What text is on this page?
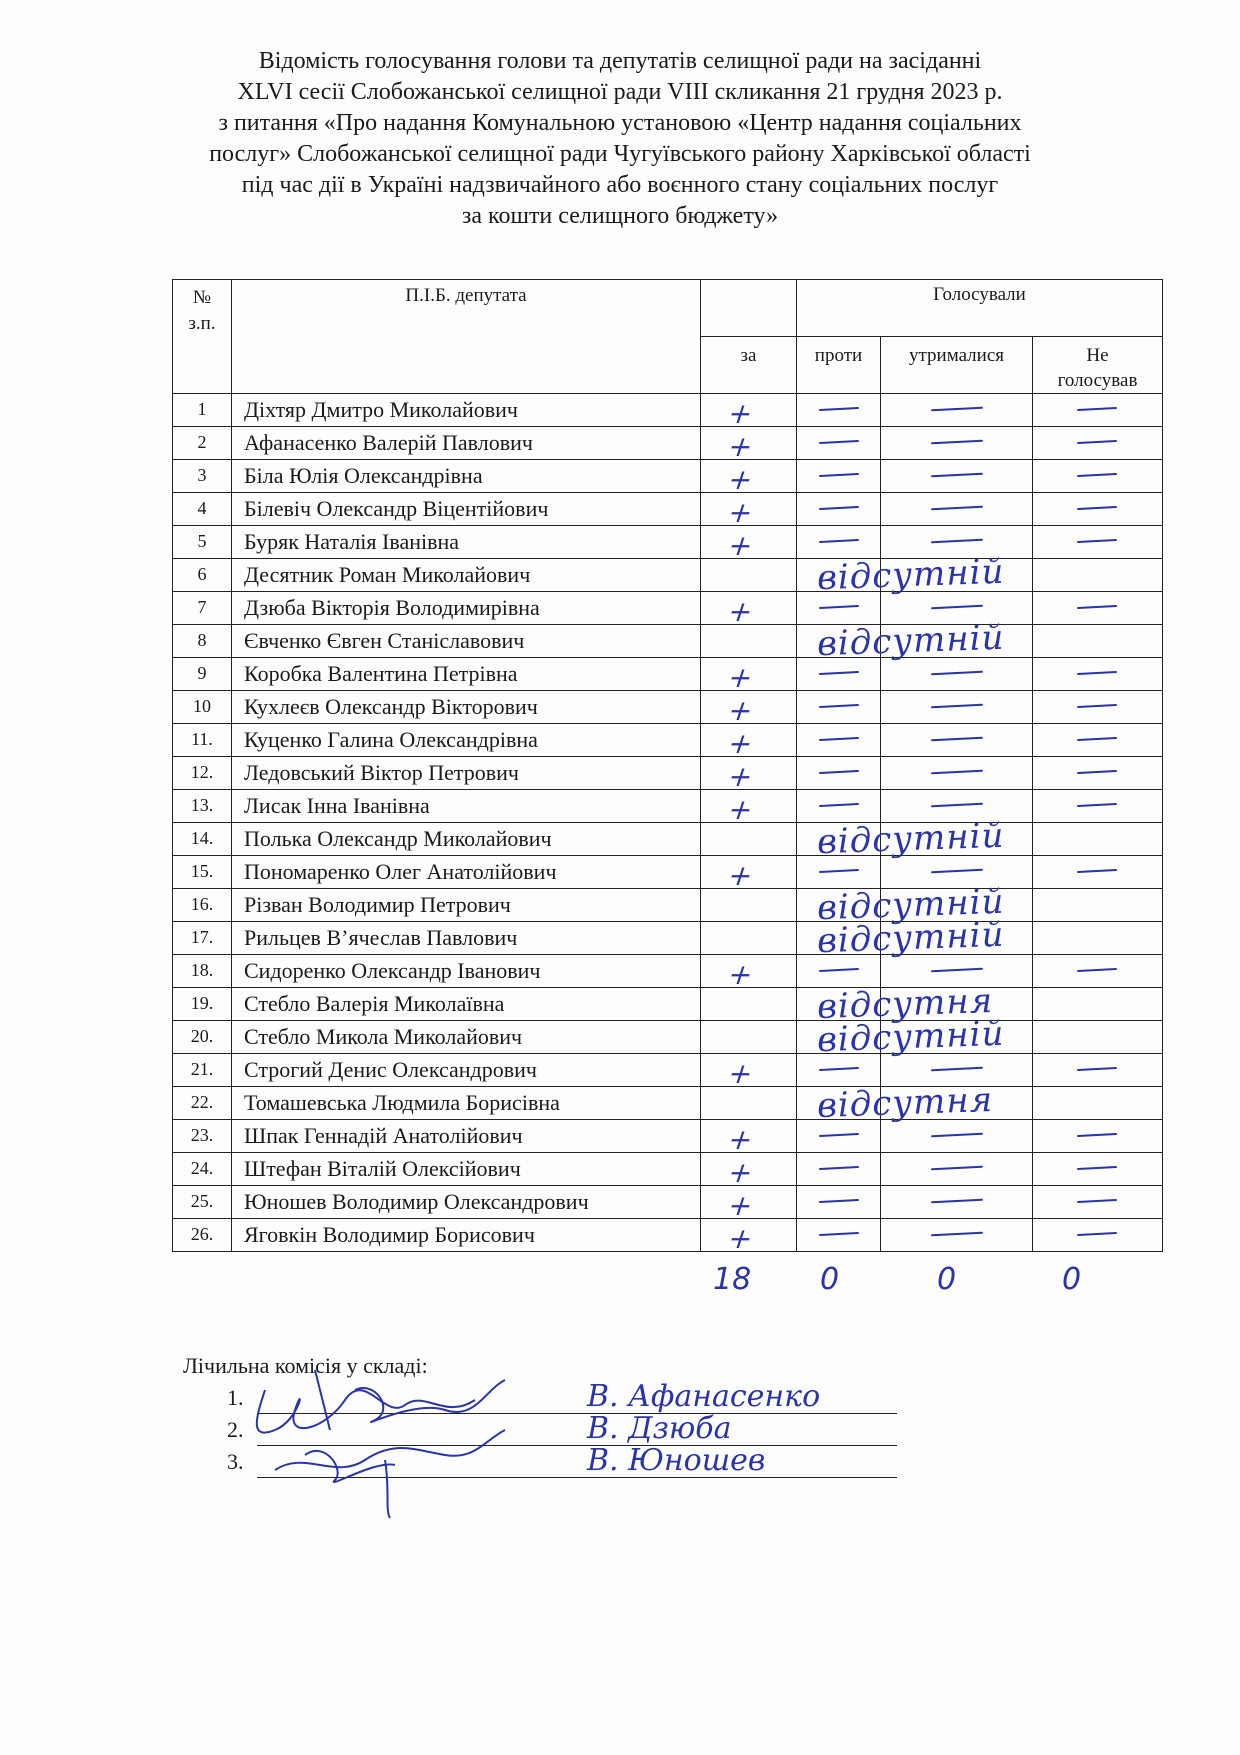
Відомість голосування голови та депутатів селищної ради на засіданні
XLVI сесії Слобожанської селищної ради VIII скликання 21 грудня 2023 р.
з питання «Про надання Комунальною установою «Центр надання соціальних
послуг» Слобожанської селищної ради Чугуївського району Харківської області
під час дії в Україні надзвичайного або воєнного стану соціальних послуг
за кошти селищного бюджету»
№
з.п.	П.І.Б. депутата		Голосували		
		за	проти	утрималися	Не
голосував
1	Діхтяр Дмитро Миколайович	+			

2	Афанасенко Валерій Павлович	+			

3	Біла Юлія Олександрівна	+			

4	Білевіч Олександр Віцентійович	+			

5	Буряк Наталія Іванівна	+			

6	Десятник Роман Миколайович		відсутній		

7	Дзюба Вікторія Володимирівна	+			

8	Євченко Євген Станіславович		відсутній		

9	Коробка Валентина Петрівна	+			

10	Кухлеєв Олександр Вікторович	+			

11.	Куценко Галина Олександрівна	+			

12.	Ледовський Віктор Петрович	+			

13.	Лисак Інна Іванівна	+			

14.	Полька Олександр Миколайович		відсутній		

15.	Пономаренко Олег Анатолійович	+			

16.	Різван Володимир Петрович		відсутній		

17.	Рильцев В’ячеслав Павлович		відсутній		

18.	Сидоренко Олександр Іванович	+			

19.	Стебло Валерія Миколаївна		відсутня		

20.	Стебло Микола Миколайович		відсутній		

21.	Строгий Денис Олександрович	+			

22.	Томашевська Людмила Борисівна		відсутня		

23.	Шпак Геннадій Анатолійович	+			

24.	Штефан Віталій Олексійович	+			

25.	Юношев Володимир Олександрович	+			

26.	Яговкін Володимир Борисович	+			

18 0	0	0
Лічильна комісія у складі:
1.	В. Афанасенко
2.	В. Дзюба
3.	В. Юношев
